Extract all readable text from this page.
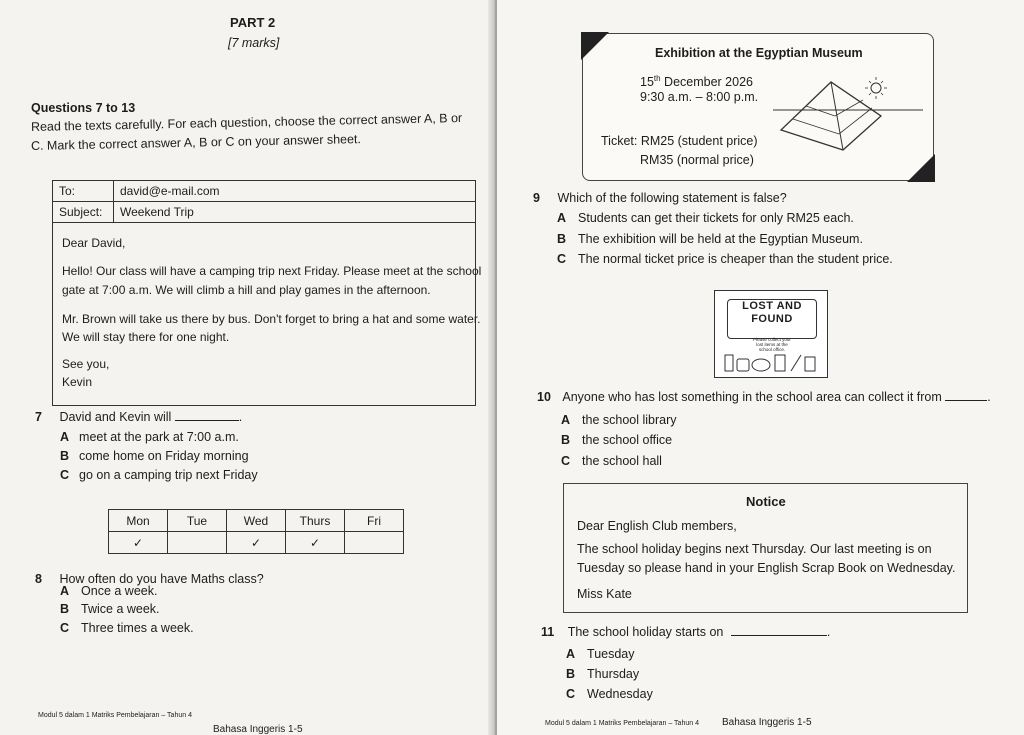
PART 2
[7 marks]
Questions 7 to 13
Read the texts carefully. For each question, choose the correct answer A, B or
C. Mark the correct answer A, B or C on your answer sheet.
To:	david@e-mail.com
Subject:	Weekend Trip
Dear David,
Hello! Our class will have a camping trip next Friday. Please meet at the school
gate at 7:00 a.m. We will climb a hill and play games in the afternoon.
Mr. Brown will take us there by bus. Don't forget to bring a hat and some water.
We will stay there for one night.
See you,
Kevin
7 David and Kevin will	.
A meet at the park at 7:00 a.m.
B come home on Friday morning
C go on a camping trip next Friday
Mon	Tue	Wed	Thurs	Fri
✓		✓	✓	
8 How often do you have Maths class?
A Once a week.
B Twice a week.
C Three times a week.
Modul 5 dalam 1 Matriks Pembelajaran – Tahun 4
Bahasa Inggeris 1-5
Exhibition at the Egyptian Museum
15th December 2026
9:30 a.m. – 8:00 p.m.
Ticket: RM25 (student price)
RM35 (normal price)
9 Which of the following statement is false?
A Students can get their tickets for only RM25 each.
B The exhibition will be held at the Egyptian Museum.
C The normal ticket price is cheaper than the student price.
LOST AND
FOUND
Please collect your
lost items at the
school office.
10 Anyone who has lost something in the school area can collect it from	.
A the school library
B the school office
C the school hall
Notice
Dear English Club members,
The school holiday begins next Thursday. Our last meeting is on
Tuesday so please hand in your English Scrap Book on Wednesday.
Miss Kate
11 The school holiday starts on	.
A Tuesday
B Thursday
C Wednesday
Modul 5 dalam 1 Matriks Pembelajaran – Tahun 4 Bahasa Inggeris 1-5
